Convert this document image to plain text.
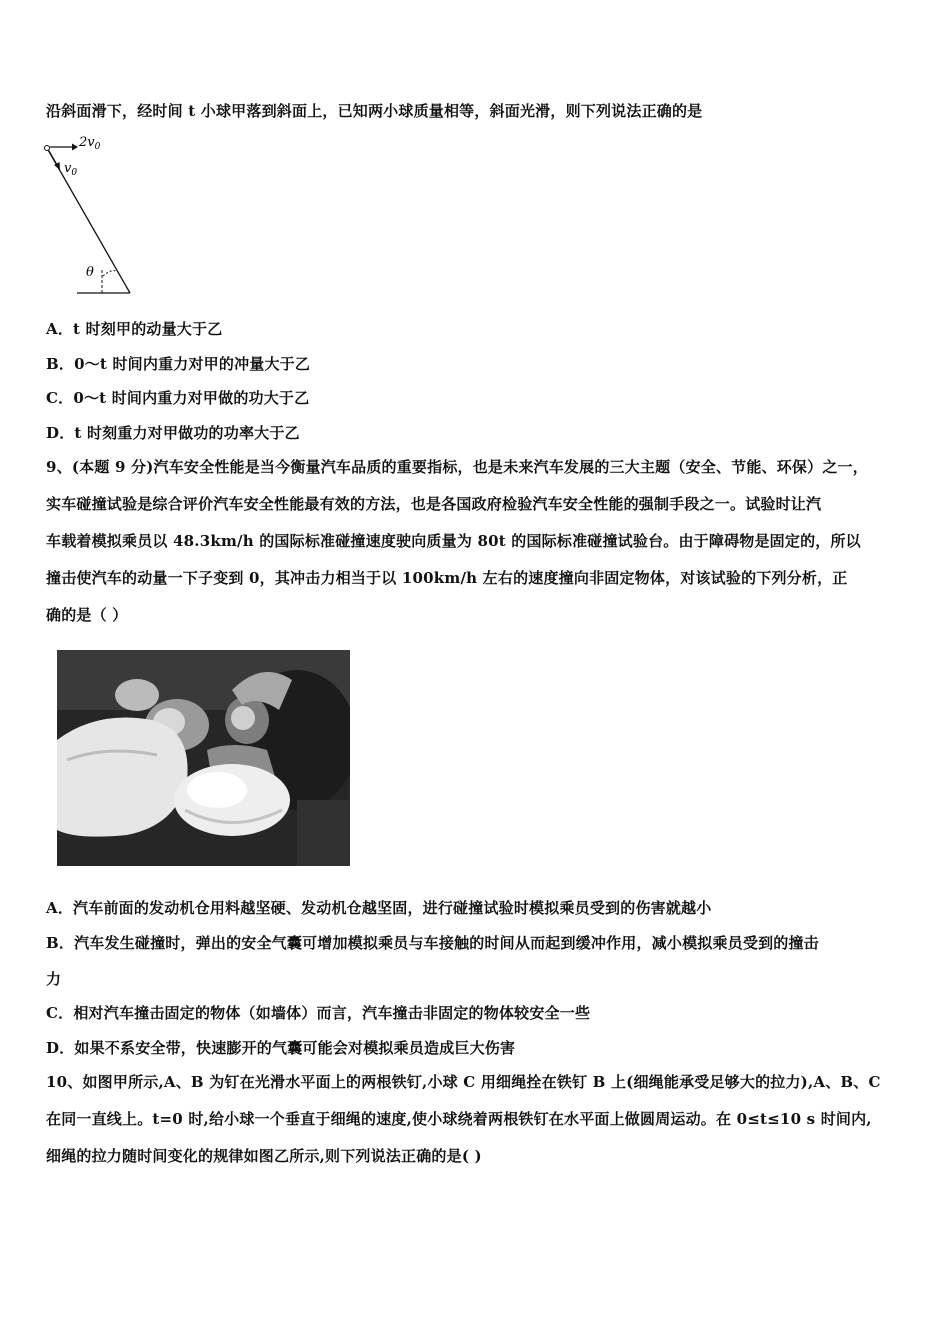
沿斜面滑下，经时间 t 小球甲落到斜面上，已知两小球质量相等，斜面光滑，则下列说法正确的是
$2v_0$
$v_0$
θ
A．t 时刻甲的动量大于乙
B．0～t 时间内重力对甲的冲量大于乙
C．0～t 时间内重力对甲做的功大于乙
D．t 时刻重力对甲做功的功率大于乙
9、(本题 9 分)汽车安全性能是当今衡量汽车品质的重要指标，也是未来汽车发展的三大主题（安全、节能、环保）之一，
实车碰撞试验是综合评价汽车安全性能最有效的方法，也是各国政府检验汽车安全性能的强制手段之一。试验时让汽
车载着模拟乘员以 48.3km/h 的国际标准碰撞速度驶向质量为 80t 的国际标准碰撞试验台。由于障碍物是固定的，所以
撞击使汽车的动量一下子变到 0，其冲击力相当于以 100km/h 左右的速度撞向非固定物体，对该试验的下列分析，正
确的是（ ）
A．汽车前面的发动机仓用料越坚硬、发动机仓越坚固，进行碰撞试验时模拟乘员受到的伤害就越小
B．汽车发生碰撞时，弹出的安全气囊可增加模拟乘员与车接触的时间从而起到缓冲作用，减小模拟乘员受到的撞击
力
C．相对汽车撞击固定的物体（如墙体）而言，汽车撞击非固定的物体较安全一些
D．如果不系安全带，快速膨开的气囊可能会对模拟乘员造成巨大伤害
10、如图甲所示,A、B 为钉在光滑水平面上的两根铁钉,小球 C 用细绳拴在铁钉 B 上(细绳能承受足够大的拉力),A、B、C
在同一直线上。t=0 时,给小球一个垂直于细绳的速度,使小球绕着两根铁钉在水平面上做圆周运动。在 0≤t≤10 s 时间内,
细绳的拉力随时间变化的规律如图乙所示,则下列说法正确的是( )
